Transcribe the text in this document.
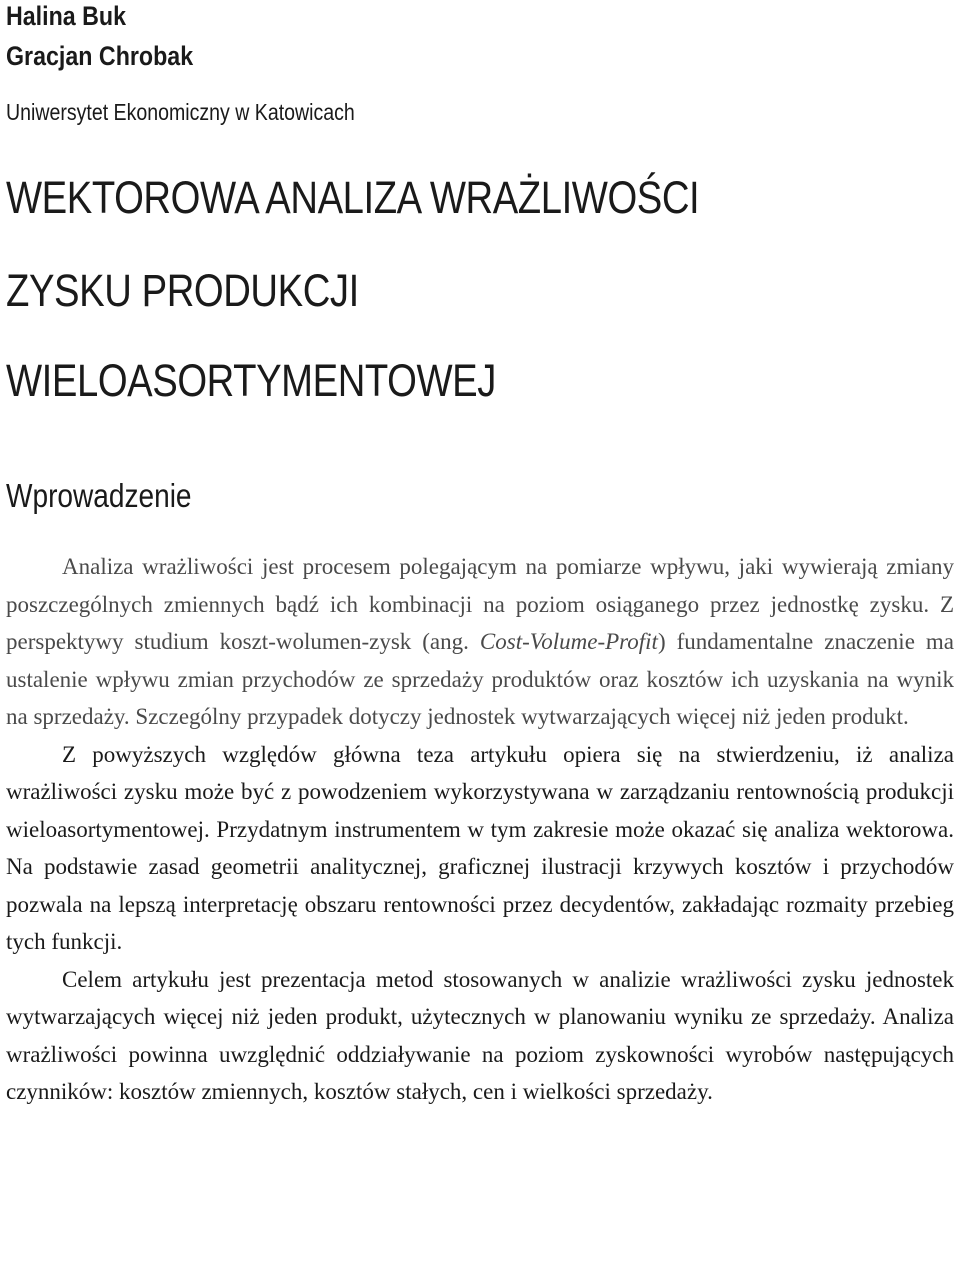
Halina Buk
Gracjan Chrobak
Uniwersytet Ekonomiczny w Katowicach
WEKTOROWA ANALIZA WRAŻLIWOŚCI
ZYSKU PRODUKCJI
WIELOASORTYMENTOWEJ
Wprowadzenie

Analiza wrażliwości jest procesem polegającym na pomiarze wpływu, jaki wywierają zmiany poszczególnych zmiennych bądź ich kombinacji na poziom osiąganego przez jednostkę zysku. Z perspektywy studium koszt-wolumen-zysk (ang. Cost-Volume-Profit) fundamentalne znaczenie ma ustalenie wpływu zmian przychodów ze sprzedaży produktów oraz kosztów ich uzyskania na wynik na sprzedaży. Szczególny przypadek dotyczy jednostek wytwarzających więcej niż jeden produkt.

Z powyższych względów główna teza artykułu opiera się na stwierdzeniu, iż analiza wrażliwości zysku może być z powodzeniem wykorzystywana w zarządzaniu rentownością produkcji wieloasortymentowej. Przydatnym instrumentem w tym zakresie może okazać się analiza wektorowa. Na podstawie zasad geometrii analitycznej, graficznej ilustracji krzywych kosztów i przychodów pozwala na lepszą interpretację obszaru rentowności przez decydentów, zakładając rozmaity przebieg tych funkcji.

Celem artykułu jest prezentacja metod stosowanych w analizie wrażliwości zysku jednostek wytwarzających więcej niż jeden produkt, użytecznych w planowaniu wyniku ze sprzedaży. Analiza wrażliwości powinna uwzględnić oddziaływanie na poziom zyskowności wyrobów następujących czynników: kosztów zmiennych, kosztów stałych, cen i wielkości sprzedaży.
